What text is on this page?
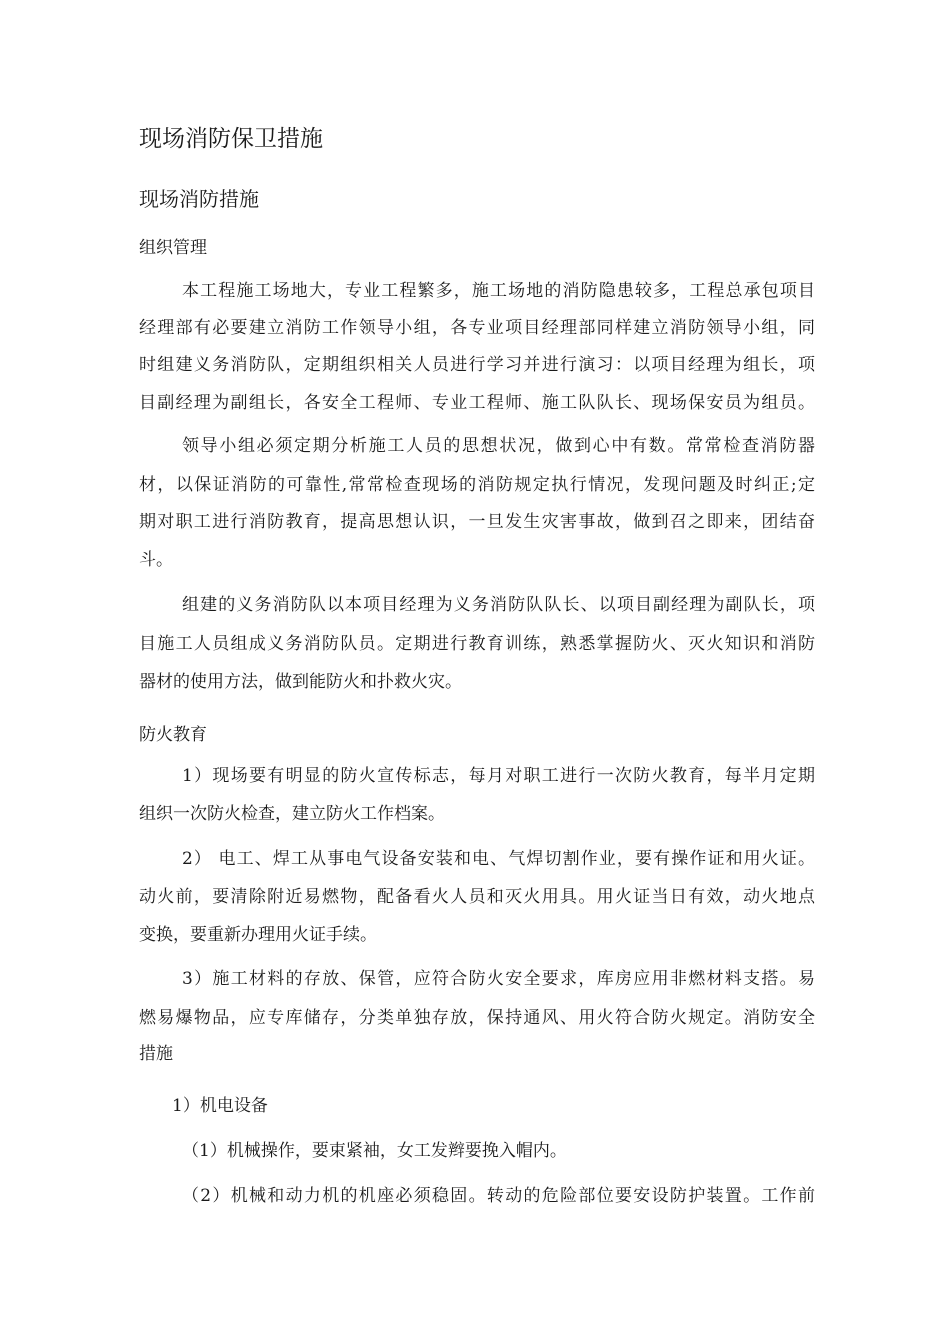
现场消防保卫措施
现场消防措施
组织管理
本工程施工场地大，专业工程繁多，施工场地的消防隐患较多，工程总承包项目
经理部有必要建立消防工作领导小组，各专业项目经理部同样建立消防领导小组，同
时组建义务消防队，定期组织相关人员进行学习并进行演习：以项目经理为组长，项
目副经理为副组长，各安全工程师、专业工程师、施工队队长、现场保安员为组员。
领导小组必须定期分析施工人员的思想状况，做到心中有数。常常检查消防器
材，以保证消防的可靠性,常常检查现场的消防规定执行情况，发现问题及时纠正;定
期对职工进行消防教育，提高思想认识，一旦发生灾害事故，做到召之即来，团结奋
斗。
组建的义务消防队以本项目经理为义务消防队队长、以项目副经理为副队长，项
目施工人员组成义务消防队员。定期进行教育训练，熟悉掌握防火、灭火知识和消防
器材的使用方法，做到能防火和扑救火灾。
防火教育
1）现场要有明显的防火宣传标志，每月对职工进行一次防火教育，每半月定期
组织一次防火检查，建立防火工作档案。
2） 电工、焊工从事电气设备安装和电、气焊切割作业，要有操作证和用火证。
动火前，要清除附近易燃物，配备看火人员和灭火用具。用火证当日有效，动火地点
变换，要重新办理用火证手续。
3）施工材料的存放、保管，应符合防火安全要求，库房应用非燃材料支搭。易
燃易爆物品，应专库储存，分类单独存放，保持通风、用火符合防火规定。消防安全
措施
1）机电设备
（1）机械操作，要束紧袖，女工发辫要挽入帽内。
（2）机械和动力机的机座必须稳固。转动的危险部位要安设防护装置。工作前
